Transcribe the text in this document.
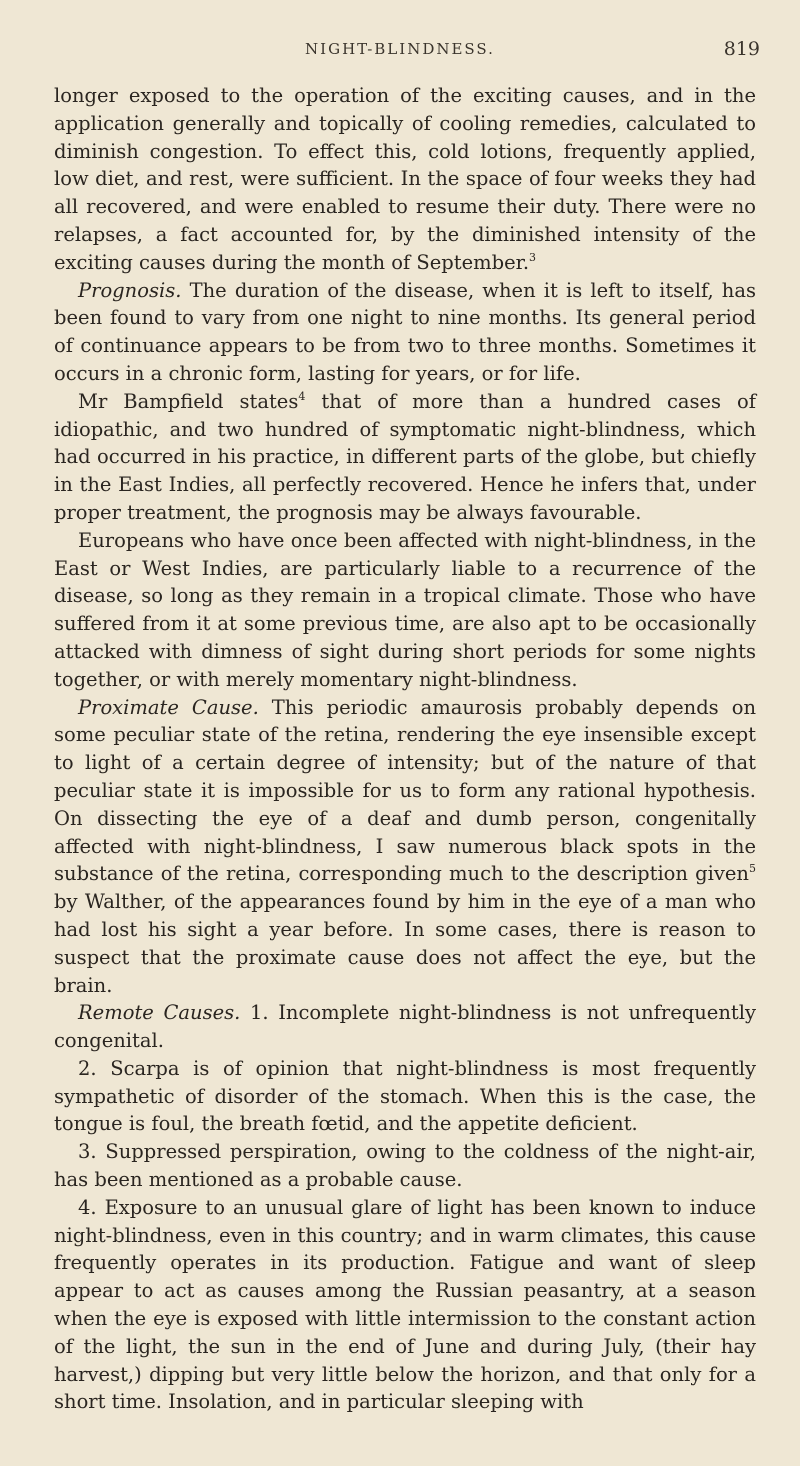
NIGHT-BLINDNESS.	819

longer exposed to the operation of the exciting causes, and in the application generally and topically of cooling remedies, calculated to diminish congestion. To effect this, cold lotions, frequently applied, low diet, and rest, were sufficient. In the space of four weeks they had all recovered, and were enabled to resume their duty. There were no relapses, a fact accounted for, by the diminished intensity of the exciting causes during the month of September.$^3$

Prognosis. The duration of the disease, when it is left to itself, has been found to vary from one night to nine months. Its general period of continuance appears to be from two to three months. Sometimes it occurs in a chronic form, lasting for years, or for life.

Mr Bampfield states$^4$ that of more than a hundred cases of idiopathic, and two hundred of symptomatic night-blindness, which had occurred in his practice, in different parts of the globe, but chiefly in the East Indies, all perfectly recovered. Hence he infers that, under proper treatment, the prognosis may be always favourable.

Europeans who have once been affected with night-blindness, in the East or West Indies, are particularly liable to a recurrence of the disease, so long as they remain in a tropical climate. Those who have suffered from it at some previous time, are also apt to be occasionally attacked with dimness of sight during short periods for some nights together, or with merely momentary night-blindness.

Proximate Cause. This periodic amaurosis probably depends on some peculiar state of the retina, rendering the eye insensible except to light of a certain degree of intensity; but of the nature of that peculiar state it is impossible for us to form any rational hypothesis. On dissecting the eye of a deaf and dumb person, congenitally affected with night-blindness, I saw numerous black spots in the substance of the retina, corresponding much to the description given$^5$ by Walther, of the appearances found by him in the eye of a man who had lost his sight a year before. In some cases, there is reason to suspect that the proximate cause does not affect the eye, but the brain.

Remote Causes. 1. Incomplete night-blindness is not unfrequently congenital.

2. Scarpa is of opinion that night-blindness is most frequently sympathetic of disorder of the stomach. When this is the case, the tongue is foul, the breath fœtid, and the appetite deficient.

3. Suppressed perspiration, owing to the coldness of the night-air, has been mentioned as a probable cause.

4. Exposure to an unusual glare of light has been known to induce night-blindness, even in this country; and in warm climates, this cause frequently operates in its production. Fatigue and want of sleep appear to act as causes among the Russian peasantry, at a season when the eye is exposed with little intermission to the constant action of the light, the sun in the end of June and during July, (their hay harvest,) dipping but very little below the horizon, and that only for a short time. Insolation, and in particular sleeping with
